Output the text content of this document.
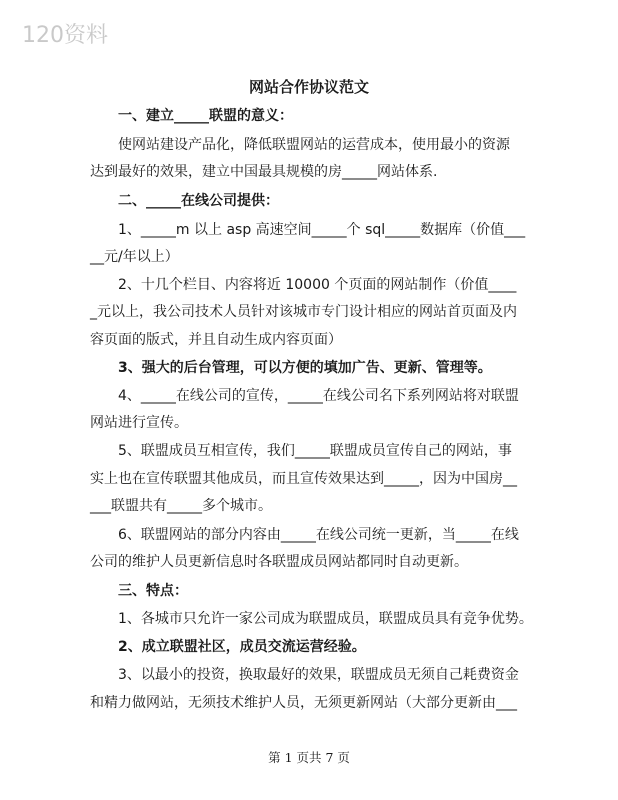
120资料
网站合作协议范文
一、建立_____联盟的意义：
使网站建设产品化，降低联盟网站的运营成本，使用最小的资源
达到最好的效果，建立中国最具规模的房_____网站体系.
二、_____在线公司提供：
1、_____m 以上 asp 高速空间_____个 sql_____数据库（价值___
__元/年以上）
2、十几个栏目、内容将近 10000 个页面的网站制作（价值____
_元以上，我公司技术人员针对该城市专门设计相应的网站首页面及内
容页面的版式，并且自动生成内容页面）
3、强大的后台管理，可以方便的填加广告、更新、管理等。
4、_____在线公司的宣传，_____在线公司名下系列网站将对联盟
网站进行宣传。
5、联盟成员互相宣传，我们_____联盟成员宣传自己的网站，事
实上也在宣传联盟其他成员，而且宣传效果达到_____，因为中国房__
___联盟共有_____多个城市。
6、联盟网站的部分内容由_____在线公司统一更新，当_____在线
公司的维护人员更新信息时各联盟成员网站都同时自动更新。
三、特点：
1、各城市只允许一家公司成为联盟成员，联盟成员具有竞争优势。
2、成立联盟社区，成员交流运营经验。
3、以最小的投资，换取最好的效果，联盟成员无须自己耗费资金
和精力做网站，无须技术维护人员，无须更新网站（大部分更新由___
第 1 页共 7 页
